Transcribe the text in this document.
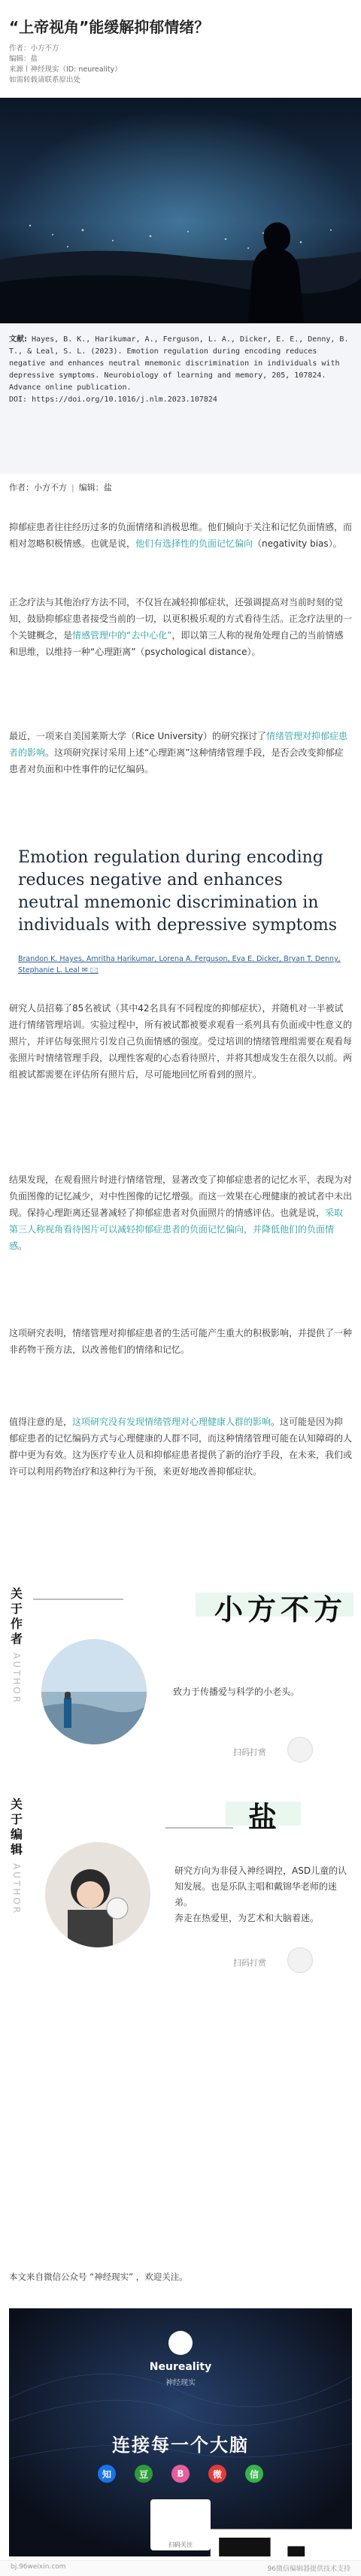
“上帝视角”能缓解抑郁情绪？
作者：小方不方
编辑：盐
来源丨神经现实（ID: neureality）
如需转载请联系原出处
文献: Hayes, B. K., Harikumar, A., Ferguson, L. A., Dicker, E. E., Denny, B. T., & Leal, S. L. (2023). Emotion regulation during encoding reduces negative and enhances neutral mnemonic discrimination in individuals with depressive symptoms. Neurobiology of learning and memory, 205, 107824. Advance online publication.
DOI: https://doi.org/10.1016/j.nlm.2023.107824
作者：小方不方 | 编辑：盐
抑郁症患者往往经历过多的负面情绪和消极思维。他们倾向于关注和记忆负面情感，而相对忽略积极情感。也就是说，他们有选择性的负面记忆偏向（negativity bias）。
正念疗法与其他治疗方法不同，不仅旨在减轻抑郁症状，还强调提高对当前时刻的觉知，鼓励抑郁症患者接受当前的一切，以更积极乐观的方式看待生活。正念疗法里的一个关键概念，是情感管理中的“去中心化”，即以第三人称的视角处理自己的当前情感和思维，以维持一种“心理距离”（psychological distance）。
最近，一项来自美国莱斯大学（Rice University）的研究探讨了情绪管理对抑郁症患者的影响。这项研究探讨采用上述“心理距离”这种情绪管理手段，是否会改变抑郁症患者对负面和中性事件的记忆编码。
Emotion regulation during encoding reduces negative and enhances neutral mnemonic discrimination in individuals with depressive symptoms
Brandon K. Hayes, Amritha Harikumar, Lorena A. Ferguson, Eva E. Dicker, Bryan T. Denny, Stephanie L. Leal ✉ 🖂
研究人员招募了85名被试（其中42名具有不同程度的抑郁症状），并随机对一半被试进行情绪管理培训。实验过程中，所有被试都被要求观看一系列具有负面或中性意义的照片，并评估每张照片引发自己负面情感的强度。受过培训的情绪管理组需要在观看每张照片时情绪管理手段，以理性客观的心态看待照片，并将其想成发生在很久以前。两组被试都需要在评估所有照片后，尽可能地回忆所看到的照片。
结果发现，在观看照片时进行情绪管理，显著改变了抑郁症患者的记忆水平，表现为对负面图像的记忆减少，对中性图像的记忆增强。而这一效果在心理健康的被试者中未出现。保持心理距离还显著减轻了抑郁症患者对负面照片的情感评估。也就是说，采取第三人称视角看待图片可以减轻抑郁症患者的负面记忆偏向，并降低他们的负面情感。
这项研究表明，情绪管理对抑郁症患者的生活可能产生重大的积极影响，并提供了一种非药物干预方法，以改善他们的情绪和记忆。
值得注意的是，这项研究没有发现情绪管理对心理健康人群的影响。这可能是因为抑郁症患者的记忆编码方式与心理健康的人群不同，而这种情绪管理可能在认知障碍的人群中更为有效。这为医疗专业人员和抑郁症患者提供了新的治疗手段，在未来，我们或许可以利用药物治疗和这种行为干预，来更好地改善抑郁症状。
关于作者
AUTHOR
小方不方
致力于传播爱与科学的小老头。
扫码打赏
关于编辑
AUTHOR
盐
研究方向为非侵入神经调控，ASD儿童的认知发展。也是乐队主唱和戴锦华老师的迷弟。
奔走在热爱里，为艺术和大脑着迷。
扫码打赏
本文来自微信公众号 “神经现实” ，欢迎关注。
Neureality
神经现实
连接每一个大脑
知	豆	B	微	信
扫码关注
bj.96weixin.com	96微信编辑器提供技术支持
